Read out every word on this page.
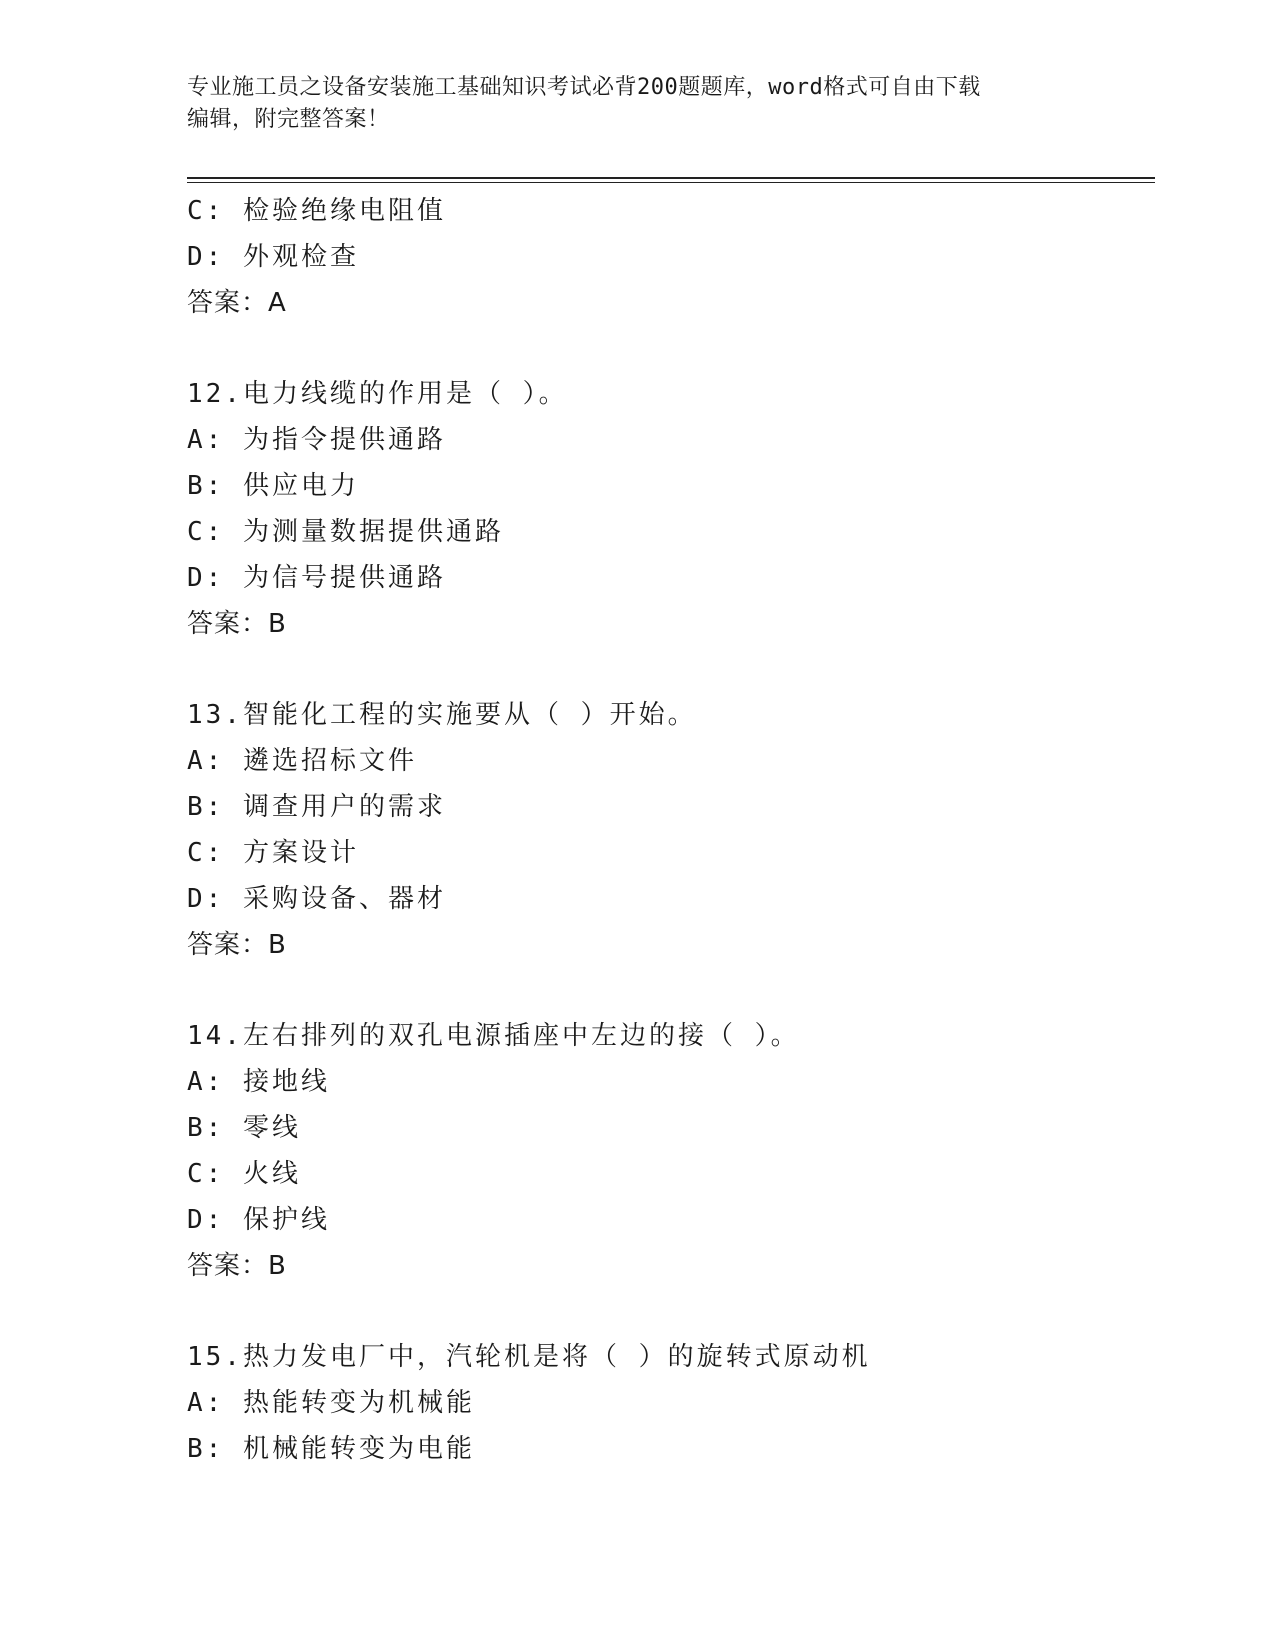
专业施工员之设备安装施工基础知识考试必背200题题库，word格式可自由下载
编辑，附完整答案！
C: 检验绝缘电阻值
D: 外观检查
答案：A
12.电力线缆的作用是（ ）。
A: 为指令提供通路
B: 供应电力
C: 为测量数据提供通路
D: 为信号提供通路
答案：B
13.智能化工程的实施要从（ ）开始。
A: 遴选招标文件
B: 调查用户的需求
C: 方案设计
D: 采购设备、器材
答案：B
14.左右排列的双孔电源插座中左边的接（ ）。
A: 接地线
B: 零线
C: 火线
D: 保护线
答案：B
15.热力发电厂中，汽轮机是将（ ）的旋转式原动机
A: 热能转变为机械能
B: 机械能转变为电能
